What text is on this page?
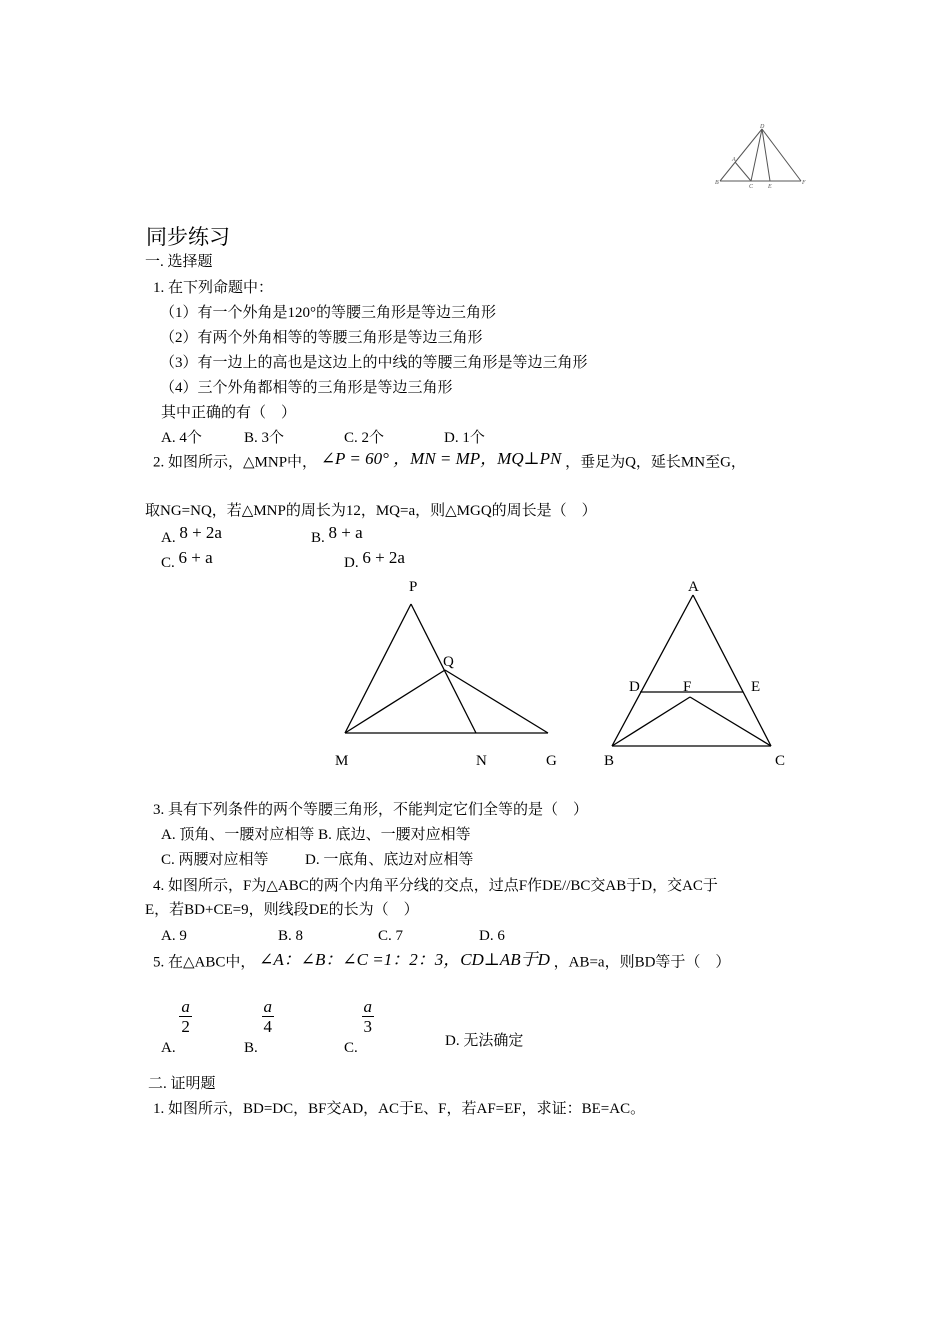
D
A
B
C E
F
同步练习
一. 选择题
1. 在下列命题中：
（1）有一个外角是120°的等腰三角形是等边三角形
（2）有两个外角相等的等腰三角形是等边三角形
（3）有一边上的高也是这边上的中线的等腰三角形是等边三角形
（4）三个外角都相等的三角形是等边三角形
其中正确的有（　）
A. 4个	B. 3个	C. 2个	D. 1个
2. 如图所示，△MNP中， ∠P = 60° ，MN = MP，MQ⊥PN ，垂足为Q，延长MN至G，
取NG=NQ，若△MNP的周长为12，MQ=a，则△MGQ的周长是（　）
A. 8 + 2a	B. 8 + a
C. 6 + a	D. 6 + 2a
P
Q
M	N	G
A
D	F	E
B	C
3. 具有下列条件的两个等腰三角形，不能判定它们全等的是（　）
A. 顶角、一腰对应相等 B. 底边、一腰对应相等
C. 两腰对应相等 D. 一底角、底边对应相等
4. 如图所示，F为△ABC的两个内角平分线的交点，过点F作DE//BC交AB于D，交AC于
E，若BD+CE=9，则线段DE的长为（　）
A. 9	B. 8	C. 7	D. 6
5. 在△ABC中， ∠A：∠B：∠C =1：2：3，CD⊥AB于D ，AB=a，则BD等于（　）
A.
$\frac{a}{2}$
B.
$\frac{a}{4}$
C.
$\frac{a}{3}$
D. 无法确定
二. 证明题
1. 如图所示，BD=DC，BF交AD，AC于E、F，若AF=EF，求证：BE=AC。
